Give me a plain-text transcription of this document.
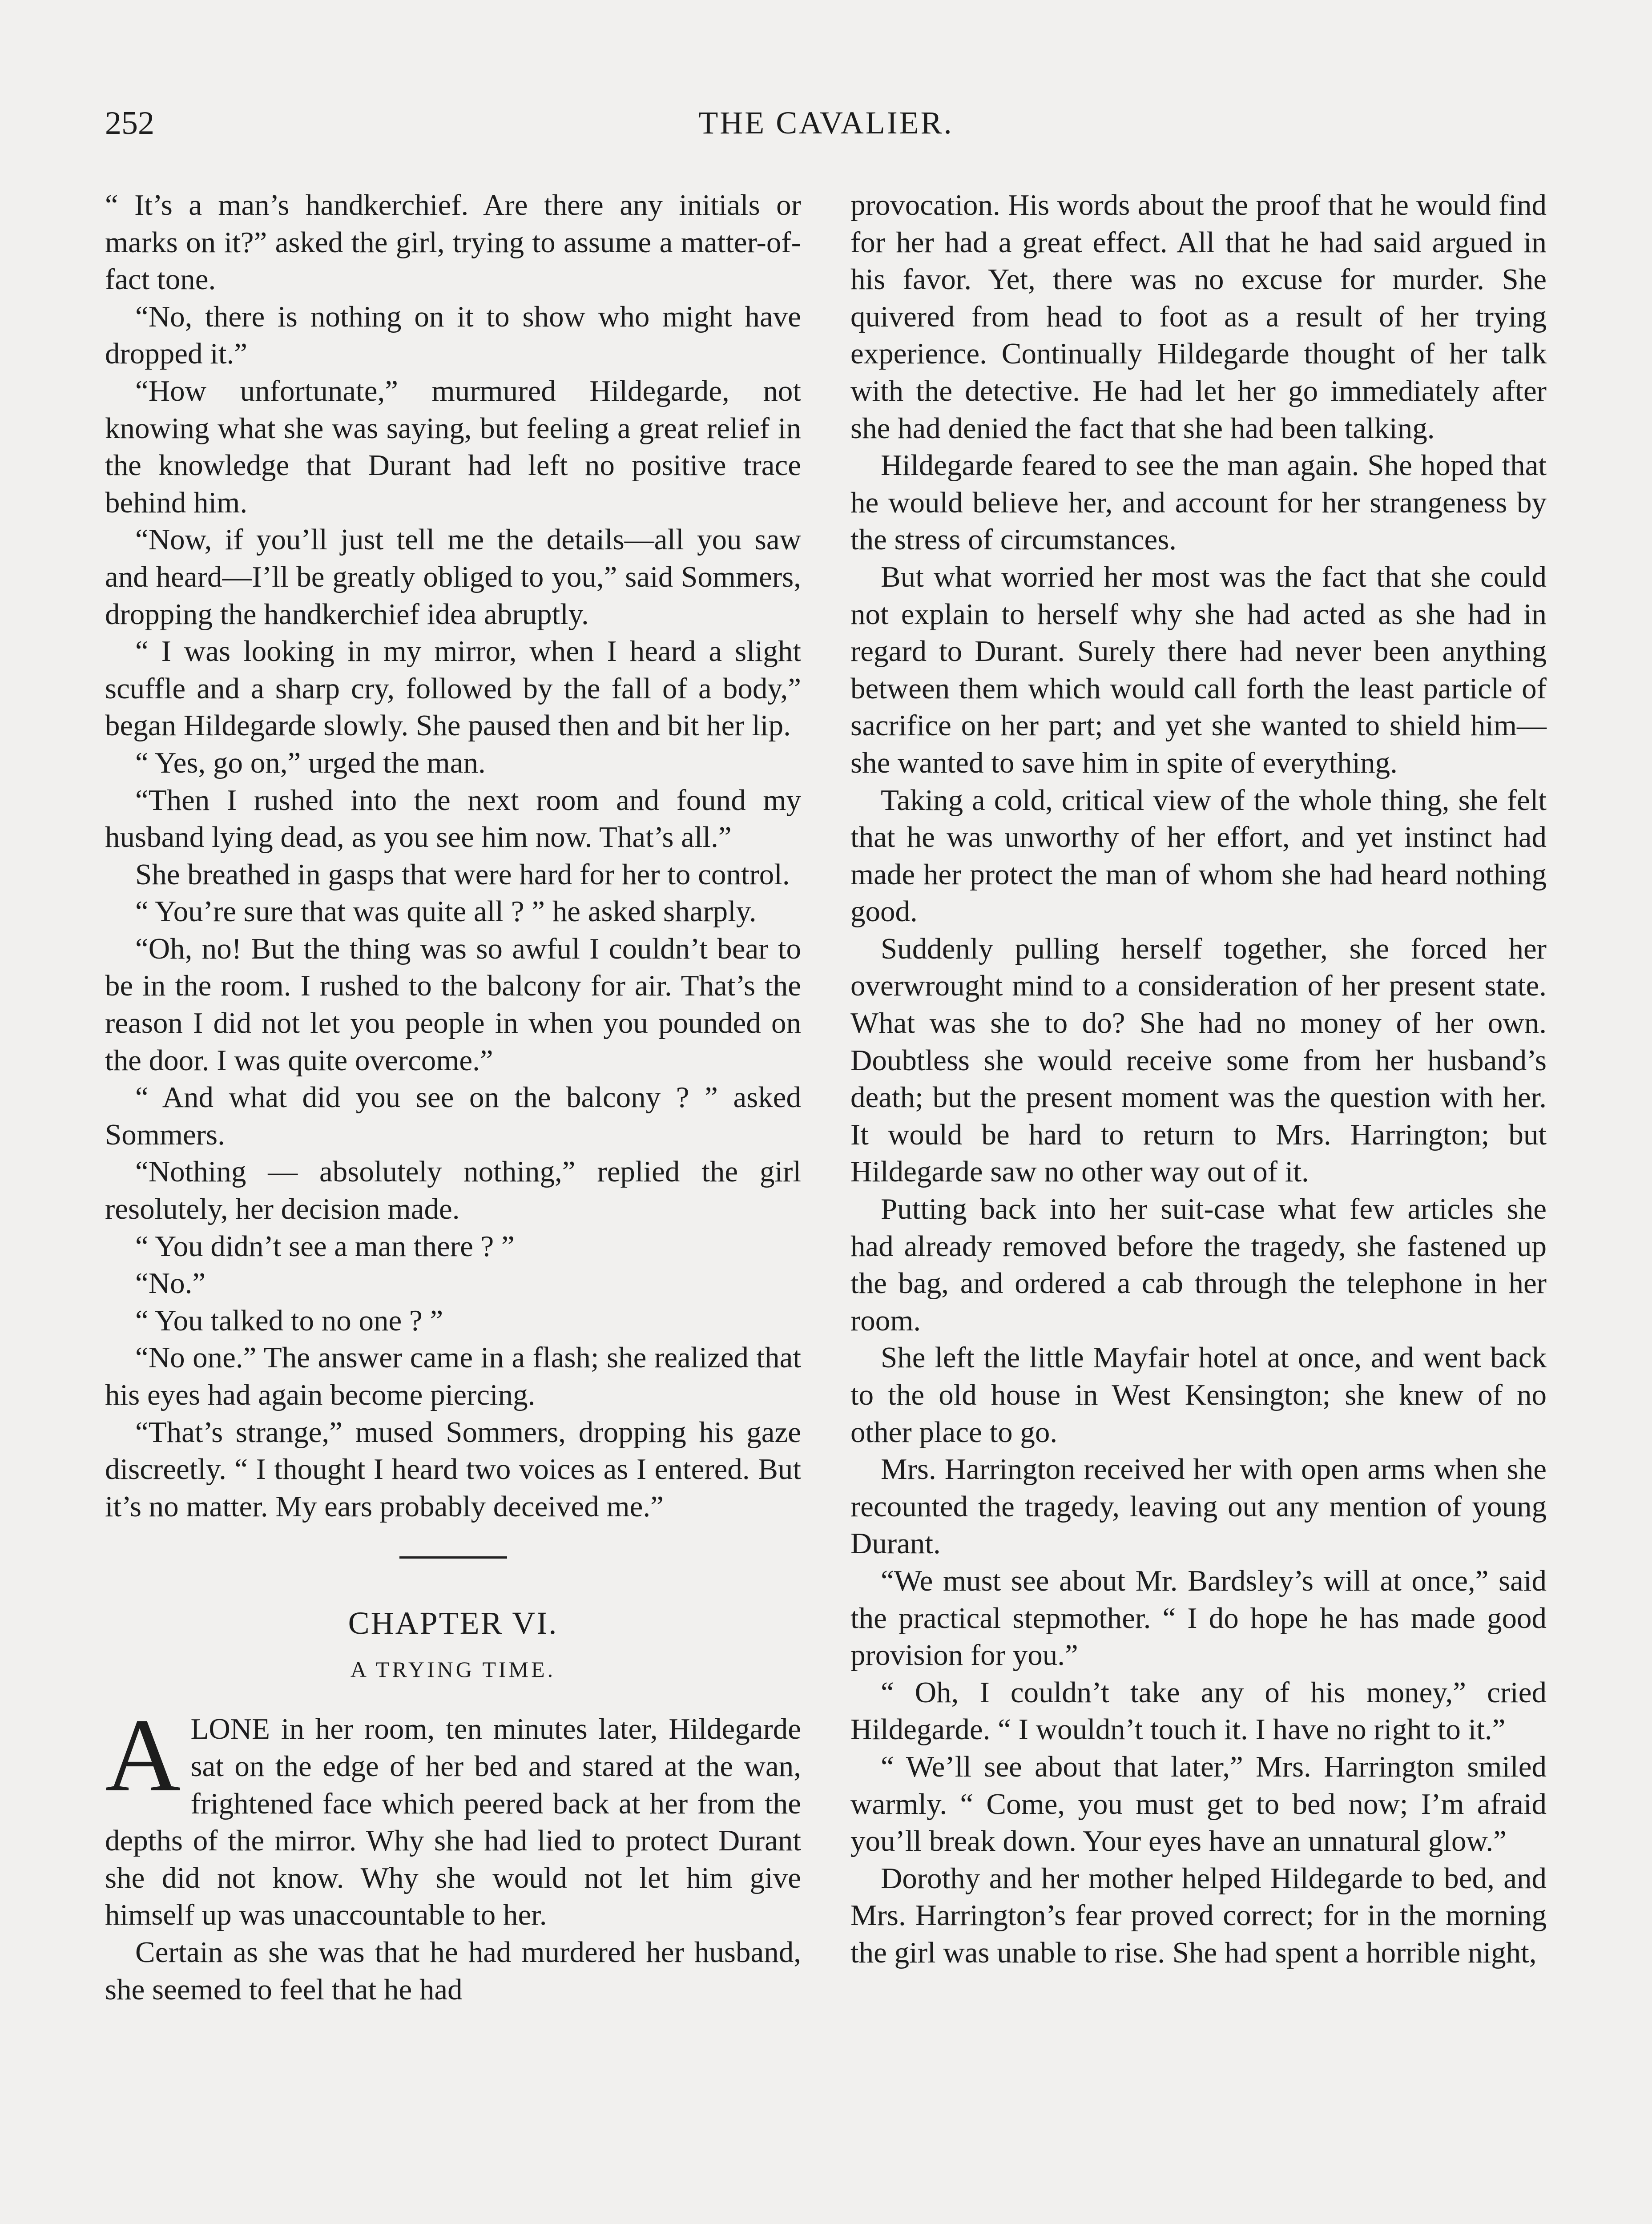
252	THE CAVALIER.

“ It’s a man’s handkerchief. Are there any initials or marks on it?” asked the girl, trying to assume a matter-of-fact tone.

“No, there is nothing on it to show who might have dropped it.”

“How unfortunate,” murmured Hildegarde, not knowing what she was saying, but feeling a great relief in the knowledge that Durant had left no positive trace behind him.

“Now, if you’ll just tell me the details—all you saw and heard—I’ll be greatly obliged to you,” said Sommers, dropping the handkerchief idea abruptly.

“ I was looking in my mirror, when I heard a slight scuffle and a sharp cry, followed by the fall of a body,” began Hildegarde slowly. She paused then and bit her lip.

“ Yes, go on,” urged the man.

“Then I rushed into the next room and found my husband lying dead, as you see him now. That’s all.”

She breathed in gasps that were hard for her to control.

“ You’re sure that was quite all ? ” he asked sharply.

“Oh, no! But the thing was so awful I couldn’t bear to be in the room. I rushed to the balcony for air. That’s the reason I did not let you people in when you pounded on the door. I was quite overcome.”

“ And what did you see on the balcony ? ” asked Sommers.

“Nothing — absolutely nothing,” replied the girl resolutely, her decision made.

“ You didn’t see a man there ? ”

“No.”

“ You talked to no one ? ”

“No one.” The answer came in a flash; she realized that his eyes had again become piercing.

“That’s strange,” mused Sommers, dropping his gaze discreetly. “ I thought I heard two voices as I entered. But it’s no matter. My ears probably deceived me.”

CHAPTER VI.
A TRYING TIME.

ALONE in her room, ten minutes later, Hildegarde sat on the edge of her bed and stared at the wan, frightened face which peered back at her from the depths of the mirror. Why she had lied to protect Durant she did not know. Why she would not let him give himself up was unaccountable to her.

Certain as she was that he had murdered her husband, she seemed to feel that he had

provocation. His words about the proof that he would find for her had a great effect. All that he had said argued in his favor. Yet, there was no excuse for murder. She quivered from head to foot as a result of her trying experience. Continually Hildegarde thought of her talk with the detective. He had let her go immediately after she had denied the fact that she had been talking.

Hildegarde feared to see the man again. She hoped that he would believe her, and account for her strangeness by the stress of circumstances.

But what worried her most was the fact that she could not explain to herself why she had acted as she had in regard to Durant. Surely there had never been anything between them which would call forth the least particle of sacrifice on her part; and yet she wanted to shield him—she wanted to save him in spite of everything.

Taking a cold, critical view of the whole thing, she felt that he was unworthy of her effort, and yet instinct had made her protect the man of whom she had heard nothing good.

Suddenly pulling herself together, she forced her overwrought mind to a consideration of her present state. What was she to do? She had no money of her own. Doubtless she would receive some from her husband’s death; but the present moment was the question with her. It would be hard to return to Mrs. Harrington; but Hildegarde saw no other way out of it.

Putting back into her suit-case what few articles she had already removed before the tragedy, she fastened up the bag, and ordered a cab through the telephone in her room.

She left the little Mayfair hotel at once, and went back to the old house in West Kensington; she knew of no other place to go.

Mrs. Harrington received her with open arms when she recounted the tragedy, leaving out any mention of young Durant.

“We must see about Mr. Bardsley’s will at once,” said the practical stepmother. “ I do hope he has made good provision for you.”

“ Oh, I couldn’t take any of his money,” cried Hildegarde. “ I wouldn’t touch it. I have no right to it.”

“ We’ll see about that later,” Mrs. Harrington smiled warmly. “ Come, you must get to bed now; I’m afraid you’ll break down. Your eyes have an unnatural glow.”

Dorothy and her mother helped Hildegarde to bed, and Mrs. Harrington’s fear proved correct; for in the morning the girl was unable to rise. She had spent a horrible night,
